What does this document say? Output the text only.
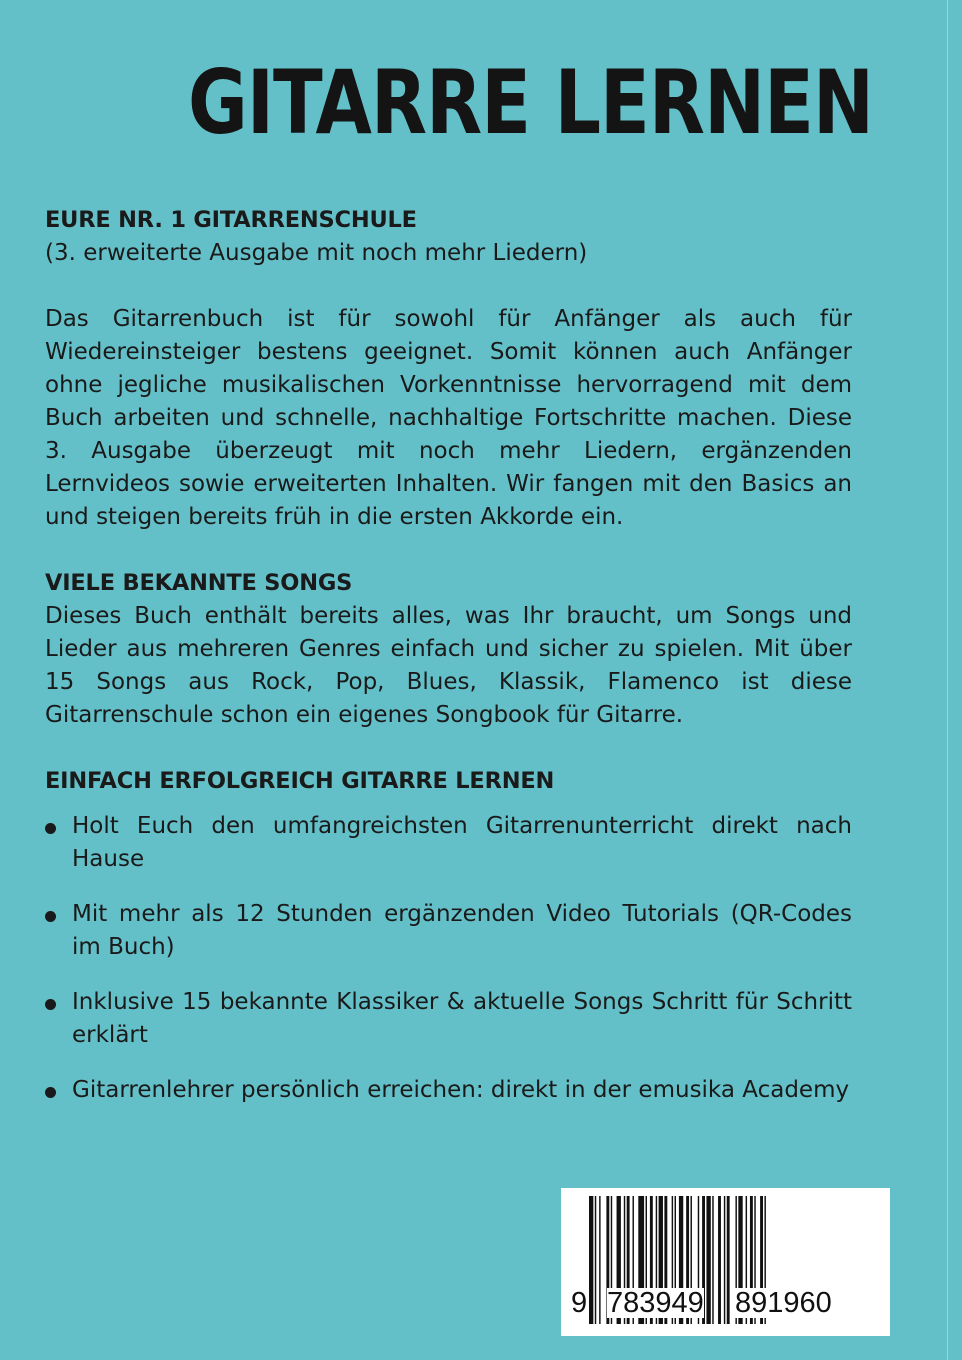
GITARRE LERNEN
EURE NR. 1 GITARRENSCHULE

(3. erweiterte Ausgabe mit noch mehr Liedern)

Das Gitarrenbuch ist für sowohl für Anfänger als auch für Wiedereinsteiger bestens geeignet. Somit können auch Anfänger ohne jegliche musikalischen Vorkenntnisse hervorragend mit dem Buch arbeiten und schnelle, nachhaltige Fortschritte machen. Diese 3. Ausgabe überzeugt mit noch mehr Liedern, ergänzenden Lernvideos sowie erweiterten Inhalten. Wir fangen mit den Basics an und steigen bereits früh in die ersten Akkorde ein.

VIELE BEKANNTE SONGS

Dieses Buch enthält bereits alles, was Ihr braucht, um Songs und Lieder aus mehreren Genres einfach und sicher zu spielen. Mit über 15 Songs aus Rock, Pop, Blues, Klassik, Flamenco ist diese Gitarrenschule schon ein eigenes Songbook für Gitarre.

EINFACH ERFOLGREICH GITARRE LERNEN
Holt Euch den umfangreichsten Gitarrenunterricht direkt nach Hause
Mit mehr als 12 Stunden ergänzenden Video Tutorials (QR-Codes im Buch)
Inklusive 15 bekannte Klassiker & aktuelle Songs Schritt für Schritt erklärt
Gitarrenlehrer persönlich erreichen: direkt in der emusika Academy
9 783949 891960
